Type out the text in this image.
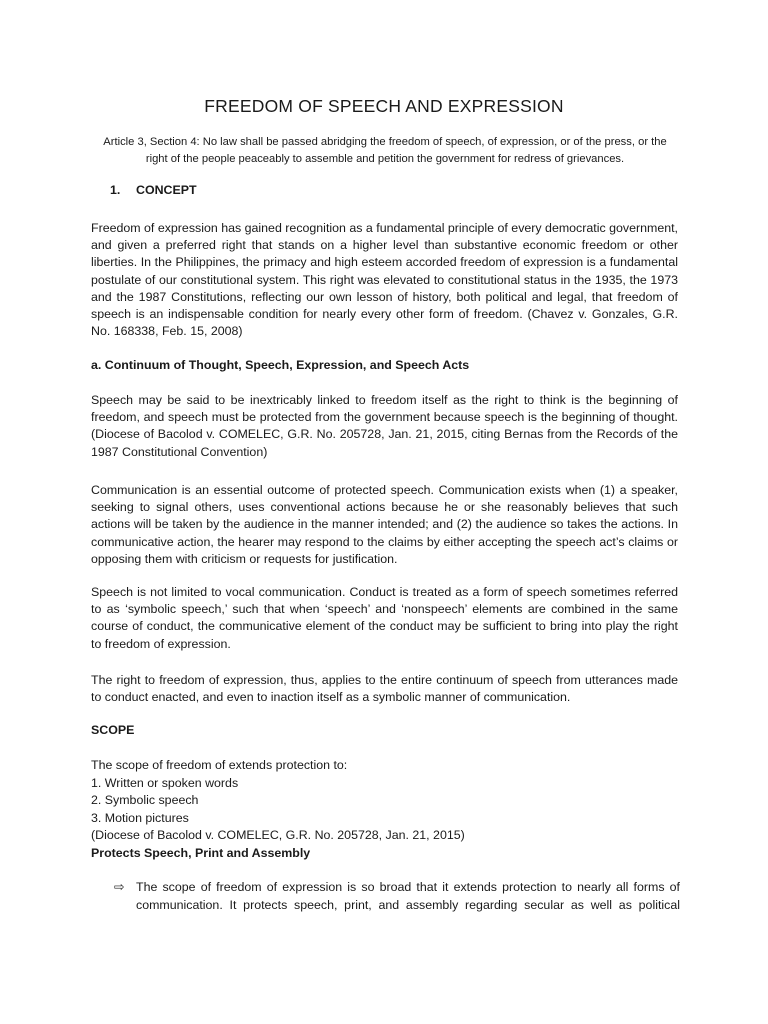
FREEDOM OF SPEECH AND EXPRESSION

Article 3, Section 4: No law shall be passed abridging the freedom of speech, of expression, or of the press, or the right of the people peaceably to assemble and petition the government for redress of grievances.

1. CONCEPT

Freedom of expression has gained recognition as a fundamental principle of every democratic government, and given a preferred right that stands on a higher level than substantive economic freedom or other liberties. In the Philippines, the primacy and high esteem accorded freedom of expression is a fundamental postulate of our constitutional system. This right was elevated to constitutional status in the 1935, the 1973 and the 1987 Constitutions, reflecting our own lesson of history, both political and legal, that freedom of speech is an indispensable condition for nearly every other form of freedom. (Chavez v. Gonzales, G.R. No. 168338, Feb. 15, 2008)

a. Continuum of Thought, Speech, Expression, and Speech Acts

Speech may be said to be inextricably linked to freedom itself as the right to think is the beginning of freedom, and speech must be protected from the government because speech is the beginning of thought. (Diocese of Bacolod v. COMELEC, G.R. No. 205728, Jan. 21, 2015, citing Bernas from the Records of the 1987 Constitutional Convention)

Communication is an essential outcome of protected speech. Communication exists when (1) a speaker, seeking to signal others, uses conventional actions because he or she reasonably believes that such actions will be taken by the audience in the manner intended; and (2) the audience so takes the actions. In communicative action, the hearer may respond to the claims by either accepting the speech act’s claims or opposing them with criticism or requests for justification.

Speech is not limited to vocal communication. Conduct is treated as a form of speech sometimes referred to as ‘symbolic speech,’ such that when ‘speech’ and ‘nonspeech’ elements are combined in the same course of conduct, the communicative element of the conduct may be sufficient to bring into play the right to freedom of expression.

The right to freedom of expression, thus, applies to the entire continuum of speech from utterances made to conduct enacted, and even to inaction itself as a symbolic manner of communication.

SCOPE

The scope of freedom of extends protection to:
1. Written or spoken words
2. Symbolic speech
3. Motion pictures
(Diocese of Bacolod v. COMELEC, G.R. No. 205728, Jan. 21, 2015)
Protects Speech, Print and Assembly
⇨ The scope of freedom of expression is so broad that it extends protection to nearly all forms of
communication. It protects speech, print, and assembly regarding secular as well as political
